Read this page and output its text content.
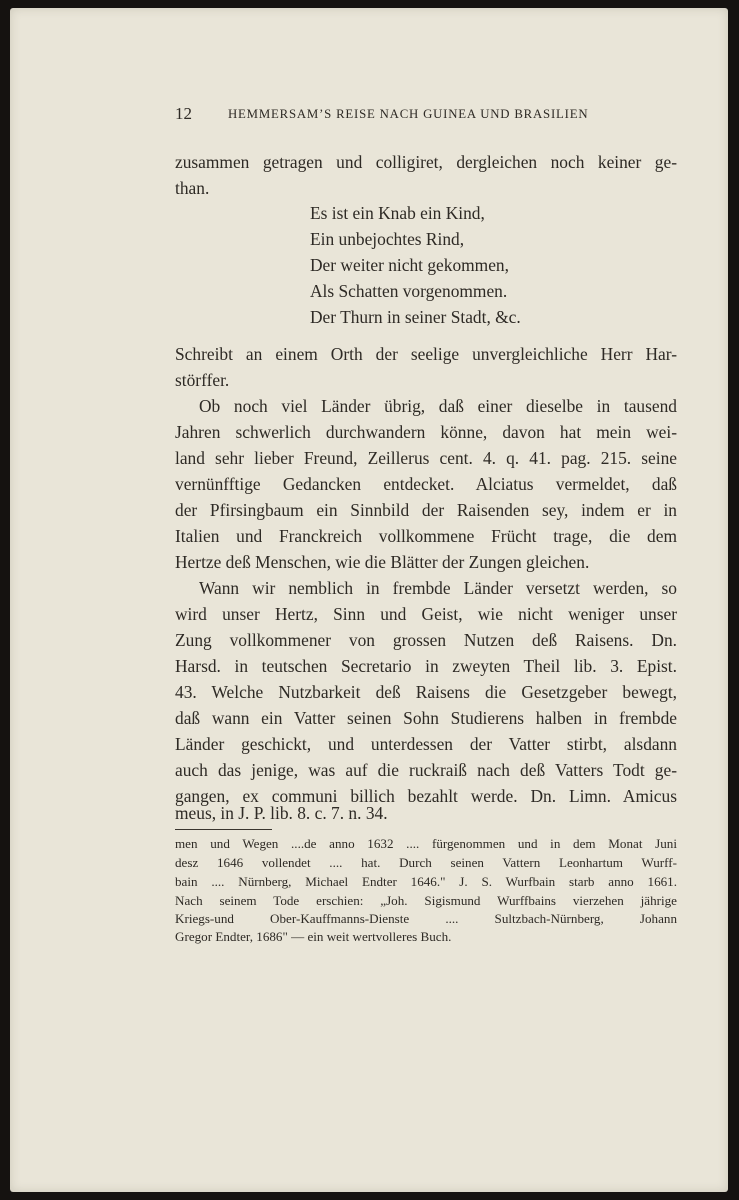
12	HEMMERSAM’S REISE NACH GUINEA UND BRASILIEN
zusammen getragen und colligiret, dergleichen noch keiner ge-
than.
Es ist ein Knab ein Kind,
Ein unbejochtes Rind,
Der weiter nicht gekommen,
Als Schatten vorgenommen.
Der Thurn in seiner Stadt, &c.
Schreibt an einem Orth der seelige unvergleichliche Herr Har-
störffer.
Ob noch viel Länder übrig, daß einer dieselbe in tausend
Jahren schwerlich durchwandern könne, davon hat mein wei-
land sehr lieber Freund, Zeillerus cent. 4. q. 41. pag. 215. seine
vernünfftige Gedancken entdecket. Alciatus vermeldet, daß
der Pfirsingbaum ein Sinnbild der Raisenden sey, indem er in
Italien und Franckreich vollkommene Frücht trage, die dem
Hertze deß Menschen, wie die Blätter der Zungen gleichen.
Wann wir nemblich in frembde Länder versetzt werden, so
wird unser Hertz, Sinn und Geist, wie nicht weniger unser
Zung vollkommener von grossen Nutzen deß Raisens. Dn.
Harsd. in teutschen Secretario in zweyten Theil lib. 3. Epist.
43. Welche Nutzbarkeit deß Raisens die Gesetzgeber bewegt,
daß wann ein Vatter seinen Sohn Studierens halben in frembde
Länder geschickt, und unterdessen der Vatter stirbt, alsdann
auch das jenige, was auf die ruckraiß nach deß Vatters Todt ge-
gangen, ex communi billich bezahlt werde. Dn. Limn. Amicus
meus, in J. P. lib. 8. c. 7. n. 34.
men und Wegen ....de anno 1632 .... fürgenommen und in dem Monat Juni
desz 1646 vollendet .... hat. Durch seinen Vattern Leonhartum Wurff-
bain .... Nürnberg, Michael Endter 1646." J. S. Wurfbain starb anno 1661.
Nach seinem Tode erschien: „Joh. Sigismund Wurffbains vierzehen jährige
Kriegs-und Ober-Kauffmanns-Dienste .... Sultzbach-Nürnberg, Johann
Gregor Endter, 1686" — ein weit wertvolleres Buch.
